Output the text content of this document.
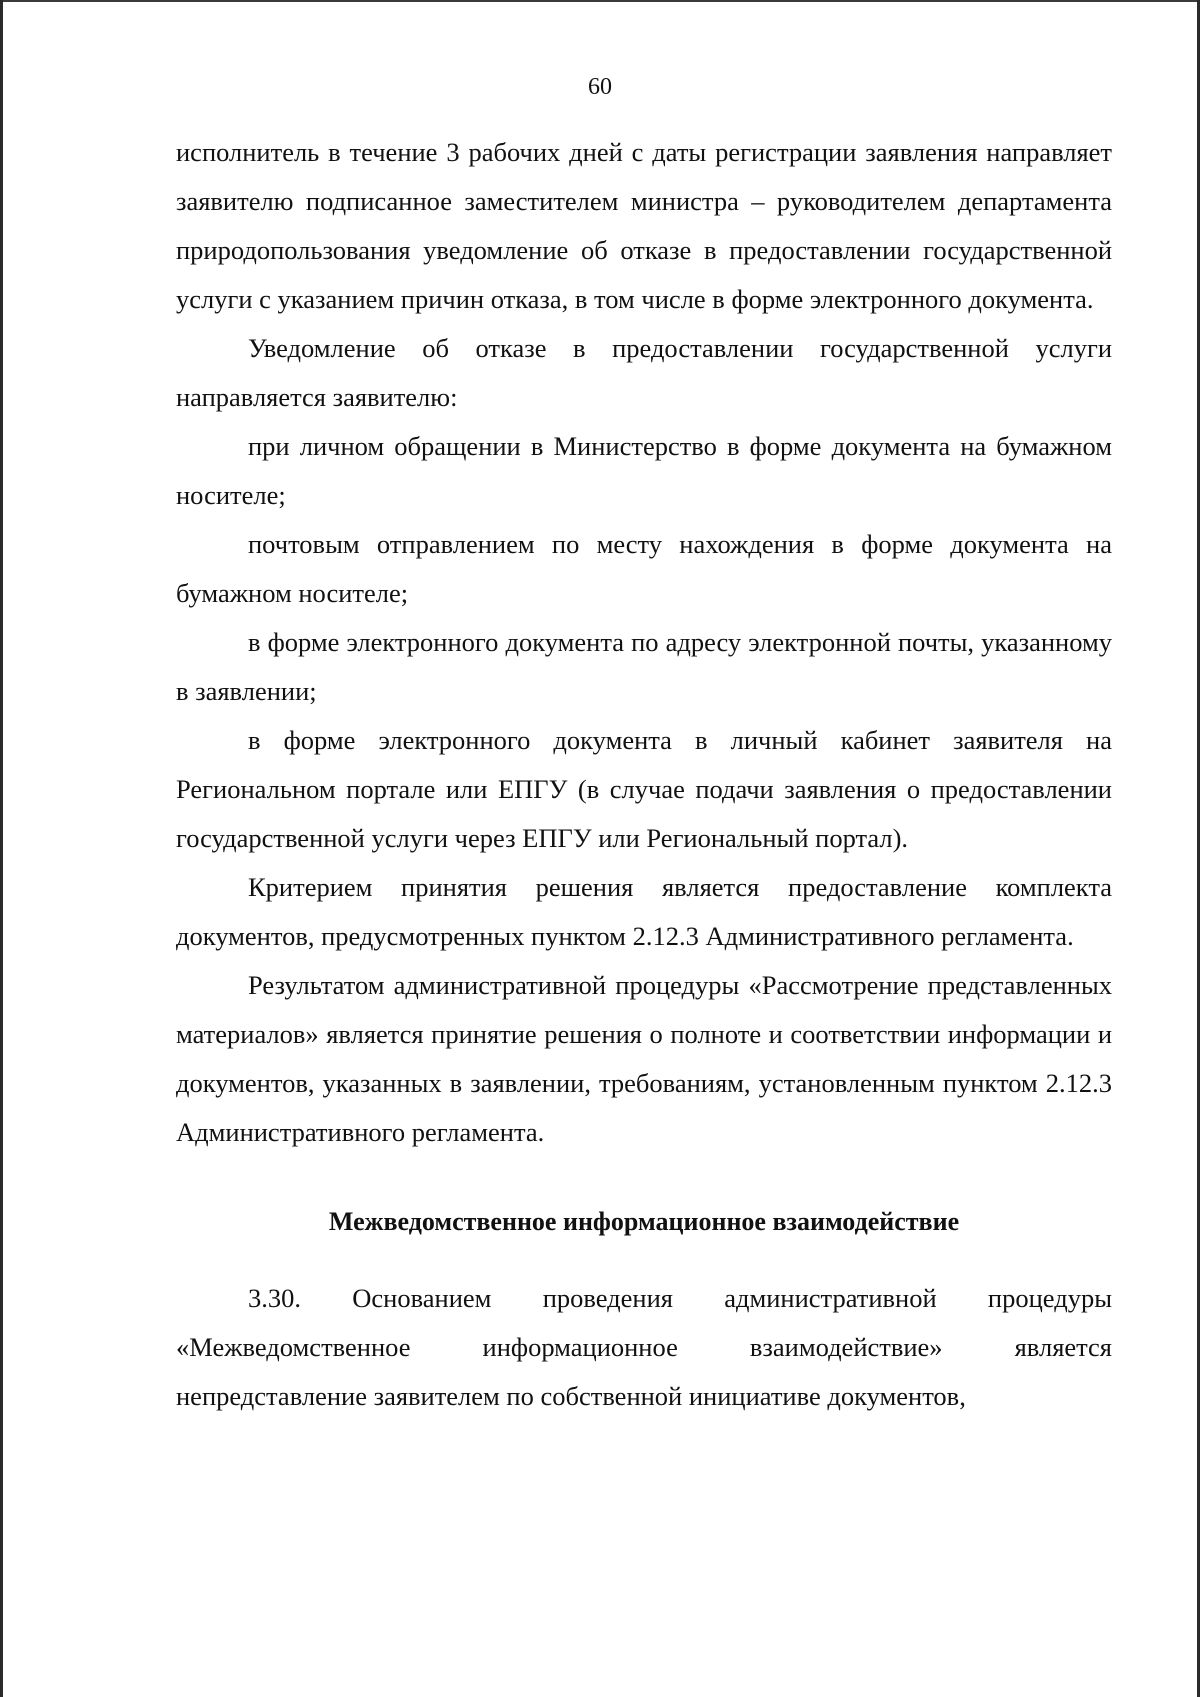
60

исполнитель в течение 3 рабочих дней с даты регистрации заявления направляет заявителю подписанное заместителем министра – руководителем департамента природопользования уведомление об отказе в предоставлении государственной услуги с указанием причин отказа, в том числе в форме электронного документа.

Уведомление об отказе в предоставлении государственной услуги направляется заявителю:

при личном обращении в Министерство в форме документа на бумажном носителе;

почтовым отправлением по месту нахождения в форме документа на бумажном носителе;

в форме электронного документа по адресу электронной почты, указанному в заявлении;

в форме электронного документа в личный кабинет заявителя на Региональном портале или ЕПГУ (в случае подачи заявления о предоставлении государственной услуги через ЕПГУ или Региональный портал).

Критерием принятия решения является предоставление комплекта документов, предусмотренных пунктом 2.12.3 Административного регламента.

Результатом административной процедуры «Рассмотрение представленных материалов» является принятие решения о полноте и соответствии информации и документов, указанных в заявлении, требованиям, установленным пунктом 2.12.3 Административного регламента.

Межведомственное информационное взаимодействие

3.30. Основанием проведения административной процедуры «Межведомственное информационное взаимодействие» является непредставление заявителем по собственной инициативе документов,
